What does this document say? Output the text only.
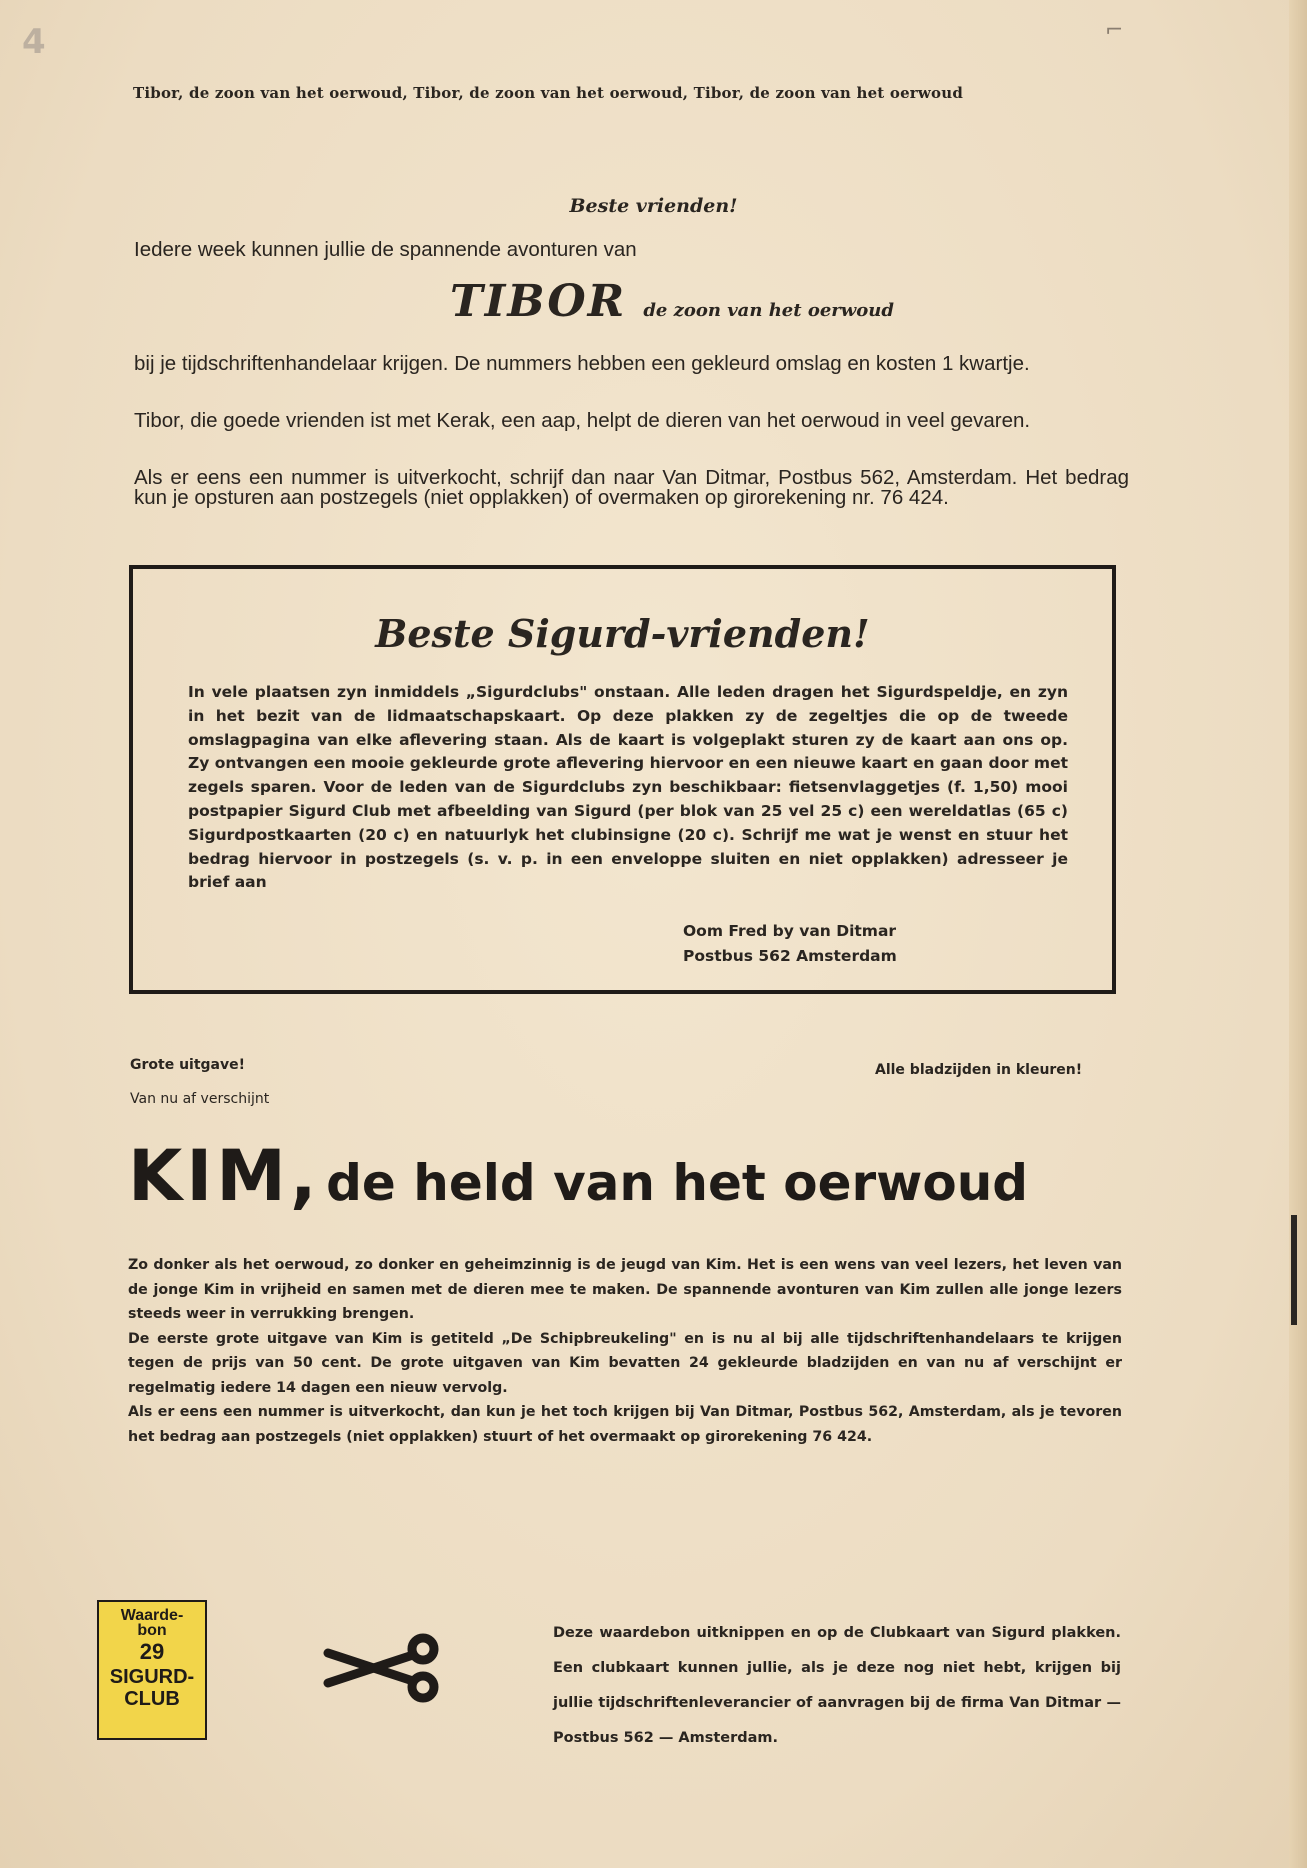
4	⌐
Tibor, de zoon van het oerwoud, Tibor, de zoon van het oerwoud, Tibor, de zoon van het oerwoud
Beste vrienden!
Iedere week kunnen jullie de spannende avonturen van
TIBOR de zoon van het oerwoud
bij je tijdschriftenhandelaar krijgen. De nummers hebben een gekleurd omslag en kosten 1 kwartje.
Tibor, die goede vrienden ist met Kerak, een aap, helpt de dieren van het oerwoud in veel gevaren.
Als er eens een nummer is uitverkocht, schrijf dan naar Van Ditmar, Postbus 562, Amsterdam. Het bedrag kun je opsturen aan postzegels (niet opplakken) of overmaken op girorekening nr. 76 424.
Beste Sigurd-vrienden!
In vele plaatsen zyn inmiddels „Sigurdclubs" onstaan. Alle leden dragen het Sigurdspeldje, en zyn in het bezit van de lidmaatschapskaart. Op deze plakken zy de zegeltjes die op de tweede omslagpagina van elke aflevering staan. Als de kaart is volgeplakt sturen zy de kaart aan ons op. Zy ontvangen een mooie gekleurde grote aflevering hiervoor en een nieuwe kaart en gaan door met zegels sparen. Voor de leden van de Sigurdclubs zyn beschikbaar: fietsenvlaggetjes (f. 1,50) mooi postpapier Sigurd Club met afbeelding van Sigurd (per blok van 25 vel 25 c) een wereldatlas (65 c) Sigurdpostkaarten (20 c) en natuurlyk het clubinsigne (20 c). Schrijf me wat je wenst en stuur het bedrag hiervoor in postzegels (s. v. p. in een enveloppe sluiten en niet opplakken) adresseer je brief aan
Oom Fred by van Ditmar
Postbus 562 Amsterdam
Grote uitgave!
Van nu af verschijnt
Alle bladzijden in kleuren!
KIM, de held van het oerwoud

Zo donker als het oerwoud, zo donker en geheimzinnig is de jeugd van Kim. Het is een wens van veel lezers, het leven van de jonge Kim in vrijheid en samen met de dieren mee te maken. De spannende avonturen van Kim zullen alle jonge lezers steeds weer in verrukking brengen.

De eerste grote uitgave van Kim is getiteld „De Schipbreukeling" en is nu al bij alle tijdschriftenhandelaars te krijgen tegen de prijs van 50 cent. De grote uitgaven van Kim bevatten 24 gekleurde bladzijden en van nu af verschijnt er regelmatig iedere 14 dagen een nieuw vervolg.

Als er eens een nummer is uitverkocht, dan kun je het toch krijgen bij Van Ditmar, Postbus 562, Amsterdam, als je tevoren het bedrag aan postzegels (niet opplakken) stuurt of het overmaakt op girorekening 76 424.

Waarde-
bon
29
SIGURD-
CLUB
Deze waardebon uitknippen en op de Clubkaart van Sigurd plakken. Een clubkaart kunnen jullie, als je deze nog niet hebt, krijgen bij jullie tijdschriftenleverancier of aanvragen bij de firma Van Ditmar — Postbus 562 — Amsterdam.
